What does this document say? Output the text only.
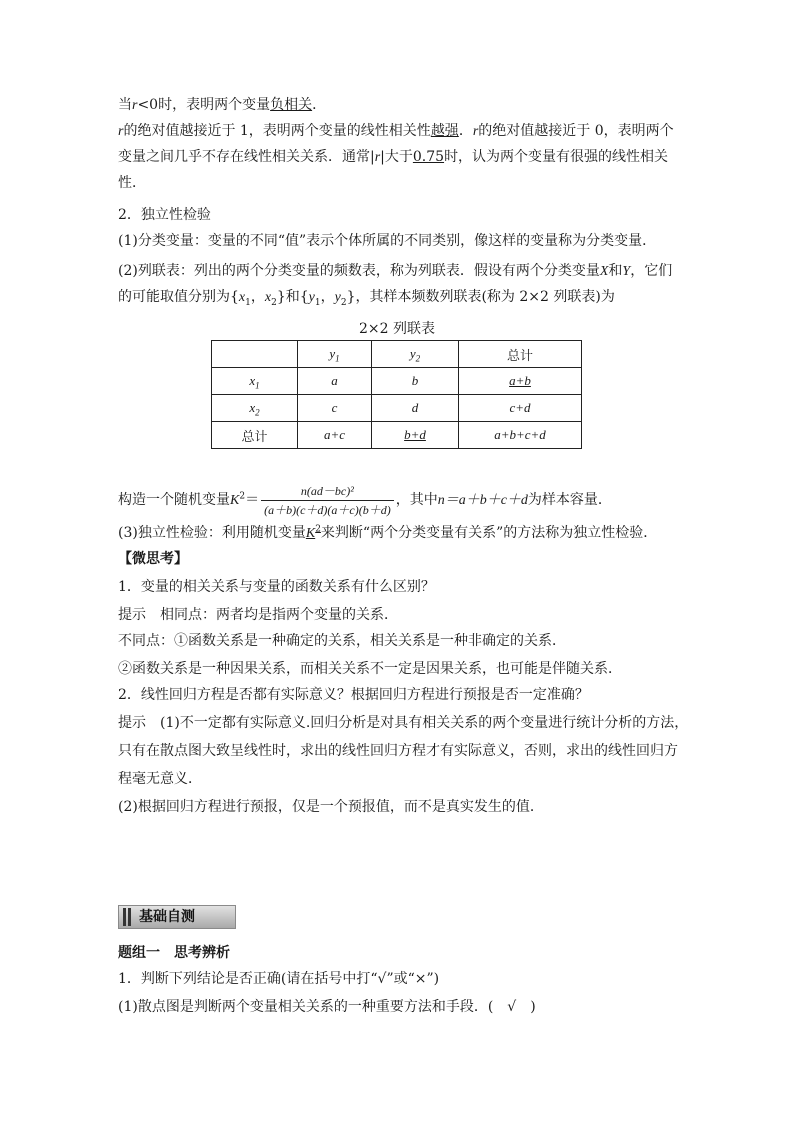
当r<0时，表明两个变量负相关．
r的绝对值越接近于 1，表明两个变量的线性相关性越强．r的绝对值越接近于 0，表明两个
变量之间几乎不存在线性相关关系．通常|r|大于0.75时，认为两个变量有很强的线性相关
性．
2．独立性检验
(1)分类变量：变量的不同“值”表示个体所属的不同类别，像这样的变量称为分类变量．
(2)列联表：列出的两个分类变量的频数表，称为列联表．假设有两个分类变量X和Y，它们
的可能取值分别为{$x_1$，$x_2$}和{$y_1$，$y_2$}，其样本频数列联表(称为 2×2 列联表)为
2×2 列联表
	$y_1$	$y_2$	总计
$x_1$	a	b	a+b
$x_2$	c	d	c+d
总计	a+c	b+d	a+b+c+d
构造一个随机变量$K^2= \frac{\text{n(ad－bc)²}}{(a+b)(c+d)(a+c)(b+d)}$ ，其中n＝a＋b＋c＋d为样本容量．
(3)独立性检验：利用随机变量$K^2$来判断“两个分类变量有关系”的方法称为独立性检验．
【微思考】
1．变量的相关关系与变量的函数关系有什么区别？
提示　相同点：两者均是指两个变量的关系．
不同点：①函数关系是一种确定的关系，相关关系是一种非确定的关系．
②函数关系是一种因果关系，而相关关系不一定是因果关系，也可能是伴随关系．
2．线性回归方程是否都有实际意义？根据回归方程进行预报是否一定准确？
提示　(1)不一定都有实际意义.回归分析是对具有相关关系的两个变量进行统计分析的方法，
只有在散点图大致呈线性时，求出的线性回归方程才有实际意义，否则，求出的线性回归方
程毫无意义．
(2)根据回归方程进行预报，仅是一个预报值，而不是真实发生的值．
基础自测
题组一　思考辨析
1．判断下列结论是否正确(请在括号中打“√”或“×”)
(1)散点图是判断两个变量相关关系的一种重要方法和手段．(　√　)
